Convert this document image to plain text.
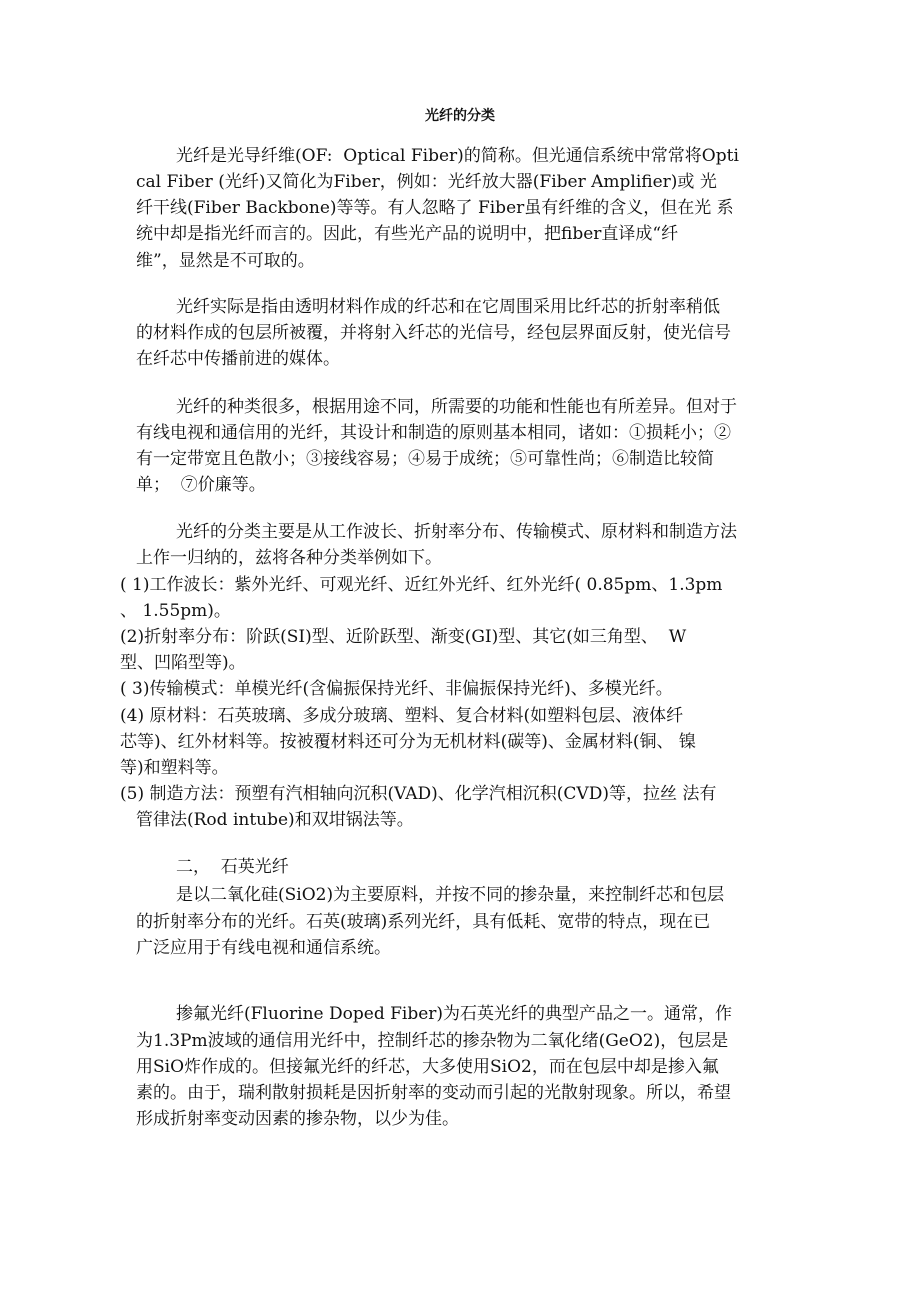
光纤的分类
光纤是光导纤维(OF:  Optical Fiber)的简称。但光通信系统中常常将Opti
cal Fiber (光纤)又简化为Fiber，例如：光纤放大器(Fiber Amplifier)或 光
纤干线(Fiber Backbone)等等。有人忽略了 Fiber虽有纤维的含义，但在光 系
统中却是指光纤而言的。因此，有些光产品的说明中，把fiber直译成“纤
维”，显然是不可取的。
光纤实际是指由透明材料作成的纤芯和在它周围采用比纤芯的折射率稍低
的材料作成的包层所被覆，并将射入纤芯的光信号，经包层界面反射，使光信号
在纤芯中传播前进的媒体。
光纤的种类很多，根据用途不同，所需要的功能和性能也有所差异。但对于
有线电视和通信用的光纤，其设计和制造的原则基本相同，诸如：①损耗小；②
有一定带宽且色散小；③接线容易；④易于成统；⑤可靠性尚；⑥制造比较简
单；  ⑦价廉等。
光纤的分类主要是从工作波长、折射率分布、传输模式、原材料和制造方法
上作一归纳的，兹将各种分类举例如下。
( 1)工作波长：紫外光纤、可观光纤、近红外光纤、红外光纤( 0.85pm、1.3pm
、 1.55pm)。
(2)折射率分布：阶跃(SI)型、近阶跃型、渐变(GI)型、其它(如三角型、  W
型、凹陷型等)。
( 3)传输模式：单模光纤(含偏振保持光纤、非偏振保持光纤)、多模光纤。
(4) 原材料：石英玻璃、多成分玻璃、塑料、复合材料(如塑料包层、液体纤
芯等)、红外材料等。按被覆材料还可分为无机材料(碳等)、金属材料(铜、 镍
等)和塑料等。
(5) 制造方法：预塑有汽相轴向沉积(VAD)、化学汽相沉积(CVD)等，拉丝 法有
管律法(Rod intube)和双坩锅法等。
二，  石英光纤
是以二氧化硅(SiO2)为主要原料，并按不同的掺杂量，来控制纤芯和包层
的折射率分布的光纤。石英(玻璃)系列光纤，具有低耗、宽带的特点，现在已
广泛应用于有线电视和通信系统。
掺氟光纤(Fluorine Doped Fiber)为石英光纤的典型产品之一。通常，作
为1.3Pm波域的通信用光纤中，控制纤芯的掺杂物为二氧化绪(GeO2)，包层是
用SiO炸作成的。但接氟光纤的纤芯，大多使用SiO2，而在包层中却是掺入氟
素的。由于，瑞利散射损耗是因折射率的变动而引起的光散射现象。所以，希望
形成折射率变动因素的掺杂物，以少为佳。
